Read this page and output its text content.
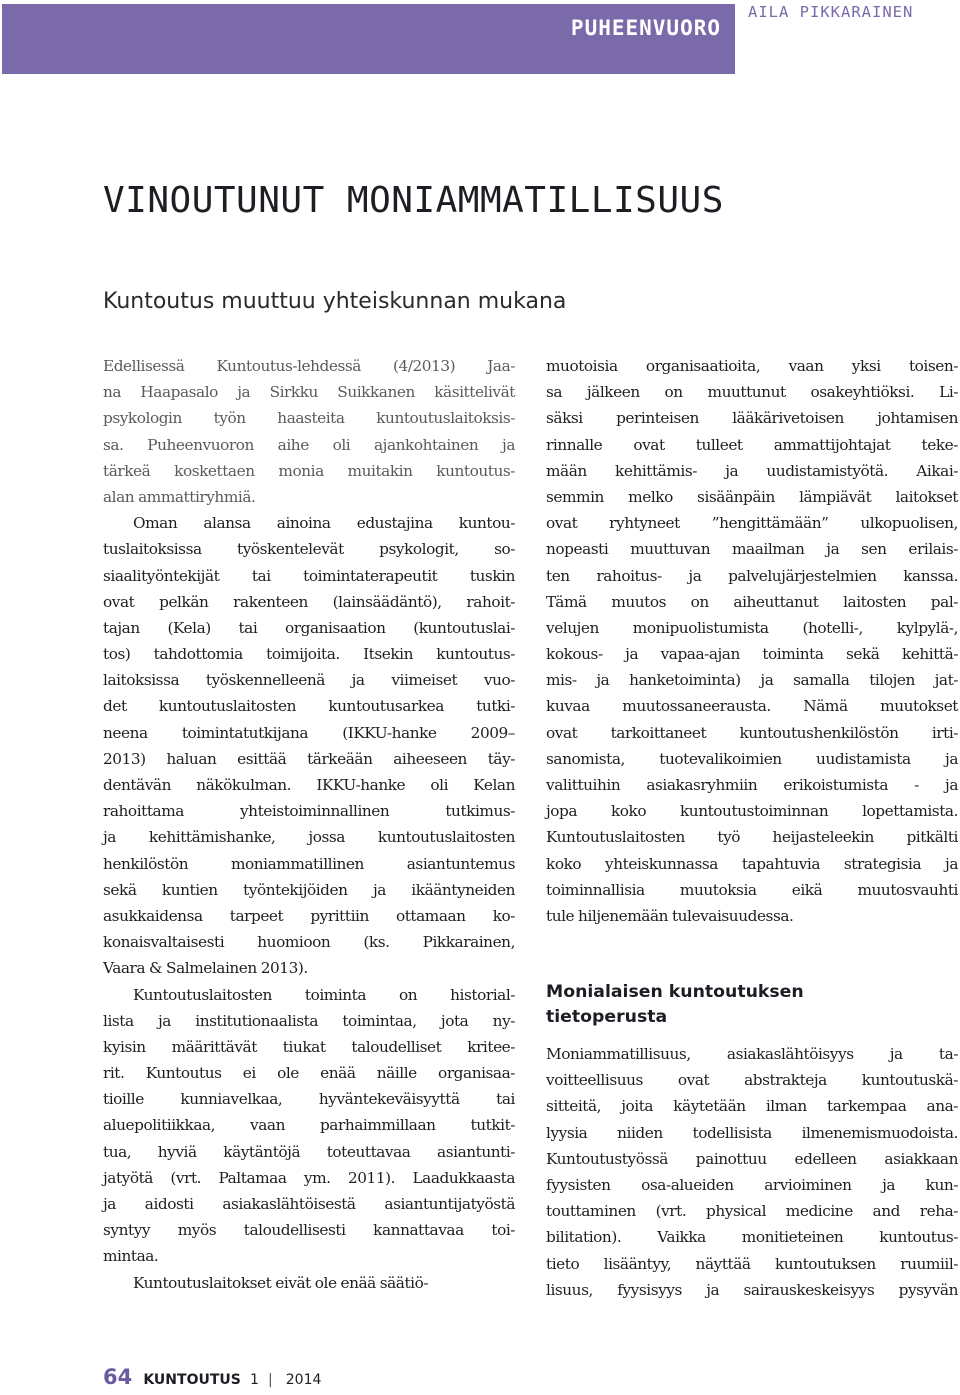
PUHEENVUORO
AILA PIKKARAINEN
VINOUTUNUT MONIAMMATILLISUUS
Kuntoutus muuttuu yhteiskunnan mukana
Edellisessä Kuntoutus-lehdessä (4/2013) Jaa-
na Haapasalo ja Sirkku Suikkanen käsittelivät
psykologin työn haasteita kuntoutuslaitoksis-
sa. Puheenvuoron aihe oli ajankohtainen ja
tärkeä koskettaen monia muitakin kuntoutus-
alan ammattiryhmiä.
Oman alansa ainoina edustajina kuntou-
tuslaitoksissa työskentelevät psykologit, so-
siaalityöntekijät tai toimintaterapeutit tuskin
ovat pelkän rakenteen (lainsäädäntö), rahoit-
tajan (Kela) tai organisaation (kuntoutuslai-
tos) tahdottomia toimijoita. Itsekin kuntoutus-
laitoksissa työskennelleenä ja viimeiset vuo-
det kuntoutuslaitosten kuntoutusarkea tutki-
neena toimintatutkijana (IKKU-hanke 2009–
2013) haluan esittää tärkeään aiheeseen täy-
dentävän näkökulman. IKKU-hanke oli Kelan
rahoittama yhteistoiminnallinen tutkimus-
ja kehittämishanke, jossa kuntoutuslaitosten
henkilöstön moniammatillinen asiantuntemus
sekä kuntien työntekijöiden ja ikääntyneiden
asukkaidensa tarpeet pyrittiin ottamaan ko-
konaisvaltaisesti huomioon (ks. Pikkarainen,
Vaara & Salmelainen 2013).
Kuntoutuslaitosten toiminta on historial-
lista ja institutionaalista toimintaa, jota ny-
kyisin määrittävät tiukat taloudelliset kritee-
rit. Kuntoutus ei ole enää näille organisaa-
tioille kunniavelkaa, hyväntekeväisyyttä tai
aluepolitiikkaa, vaan parhaimmillaan tutkit-
tua, hyviä käytäntöjä toteuttavaa asiantunti-
jatyötä (vrt. Paltamaa ym. 2011). Laadukkaasta
ja aidosti asiakaslähtöisestä asiantuntijatyöstä
syntyy myös taloudellisesti kannattavaa toi-
mintaa.
Kuntoutuslaitokset eivät ole enää säätiö-
muotoisia organisaatioita, vaan yksi toisen-
sa jälkeen on muuttunut osakeyhtiöksi. Li-
säksi perinteisen lääkärivetoisen johtamisen
rinnalle ovat tulleet ammattijohtajat teke-
mään kehittämis- ja uudistamistyötä. Aikai-
semmin melko sisäänpäin lämpiävät laitokset
ovat ryhtyneet ”hengittämään” ulkopuolisen,
nopeasti muuttuvan maailman ja sen erilais-
ten rahoitus- ja palvelujärjestelmien kanssa.
Tämä muutos on aiheuttanut laitosten pal-
velujen monipuolistumista (hotelli-, kylpylä-,
kokous- ja vapaa-ajan toiminta sekä kehittä-
mis- ja hanketoiminta) ja samalla tilojen jat-
kuvaa muutossaneerausta. Nämä muutokset
ovat tarkoittaneet kuntoutushenkilöstön irti-
sanomista, tuotevalikoimien uudistamista ja
valittuihin asiakasryhmiin erikoistumista - ja
jopa koko kuntoutustoiminnan lopettamista.
Kuntoutuslaitosten työ heijasteleekin pitkälti
koko yhteiskunnassa tapahtuvia strategisia ja
toiminnallisia muutoksia eikä muutosvauhti
tule hiljenemään tulevaisuudessa.
Monialaisen kuntoutuksen
tietoperusta
Moniammatillisuus, asiakaslähtöisyys ja ta-
voitteellisuus ovat abstrakteja kuntoutuskä-
sitteitä, joita käytetään ilman tarkempaa ana-
lyysia niiden todellisista ilmenemismuodoista.
Kuntoutustyössä painottuu edelleen asiakkaan
fyysisten osa-alueiden arvioiminen ja kun-
touttaminen (vrt. physical medicine and reha-
bilitation). Vaikka monitieteinen kuntoutus-
tieto lisääntyy, näyttää kuntoutuksen ruumiil-
lisuus, fyysisyys ja sairauskeskeisyys pysyvän
64 KUNTOUTUS 1 | 2014
